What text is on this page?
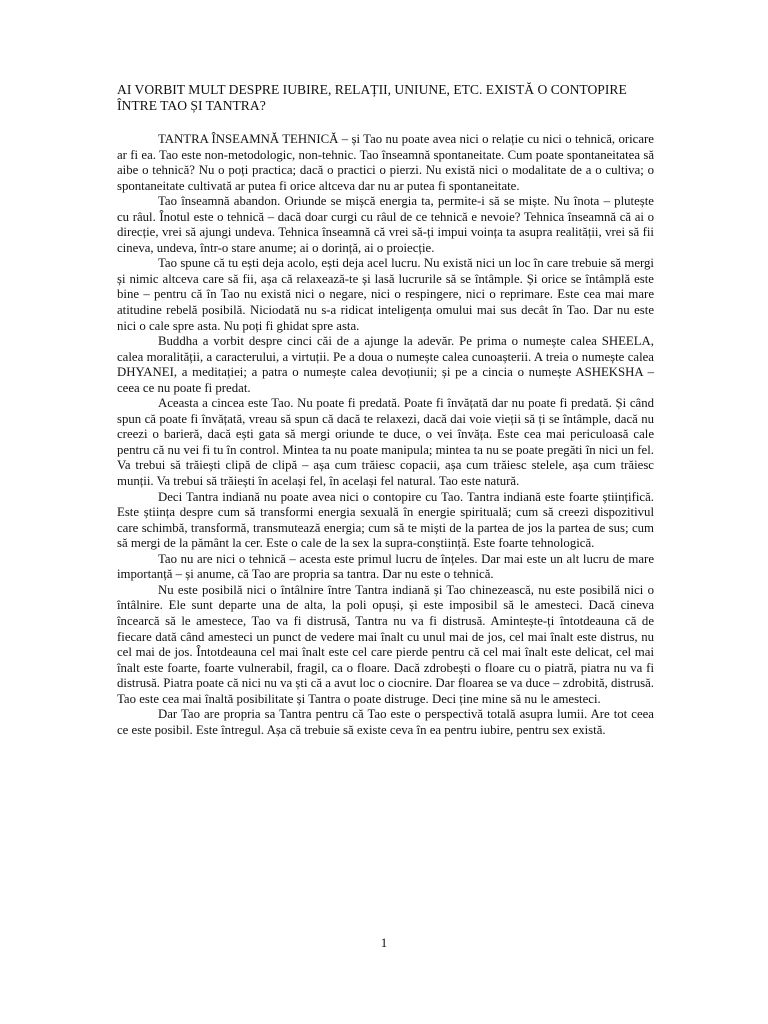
AI VORBIT MULT DESPRE IUBIRE, RELAȚII, UNIUNE, ETC. EXISTĂ O CONTOPIRE ÎNTRE TAO ȘI TANTRA?

TANTRA ÎNSEAMNĂ TEHNICĂ – și Tao nu poate avea nici o relație cu nici o tehnică, oricare ar fi ea. Tao este non-metodologic, non-tehnic. Tao înseamnă spontaneitate. Cum poate spontaneitatea să aibe o tehnică? Nu o poți practica; dacă o practici o pierzi. Nu există nici o modalitate de a o cultiva; o spontaneitate cultivată ar putea fi orice altceva dar nu ar putea fi spontaneitate.

Tao înseamnă abandon. Oriunde se mișcă energia ta, permite-i să se miște. Nu înota – plutește cu râul. Înotul este o tehnică – dacă doar curgi cu râul de ce tehnică e nevoie? Tehnica înseamnă că ai o direcție, vrei să ajungi undeva. Tehnica înseamnă că vrei să-ți impui voința ta asupra realității, vrei să fii cineva, undeva, într-o stare anume; ai o dorință, ai o proiecție.

Tao spune că tu ești deja acolo, ești deja acel lucru. Nu există nici un loc în care trebuie să mergi și nimic altceva care să fii, așa că relaxează-te și lasă lucrurile să se întâmple. Și orice se întâmplă este bine – pentru că în Tao nu există nici o negare, nici o respingere, nici o reprimare. Este cea mai mare atitudine rebelă posibilă. Niciodată nu s-a ridicat inteligența omului mai sus decât în Tao. Dar nu este nici o cale spre asta. Nu poți fi ghidat spre asta.

Buddha a vorbit despre cinci căi de a ajunge la adevăr. Pe prima o numește calea SHEELA, calea moralității, a caracterului, a virtuții. Pe a doua o numește calea cunoașterii. A treia o numește calea DHYANEI, a meditației; a patra o numește calea devoțiunii; și pe a cincia o numește ASHEKSHA – ceea ce nu poate fi predat.

Aceasta a cincea este Tao. Nu poate fi predată. Poate fi învățată dar nu poate fi predată. Și când spun că poate fi învățată, vreau să spun că dacă te relaxezi, dacă dai voie vieții să ți se întâmple, dacă nu creezi o barieră, dacă ești gata să mergi oriunde te duce, o vei învăța. Este cea mai periculoasă cale pentru că nu vei fi tu în control. Mintea ta nu poate manipula; mintea ta nu se poate pregăti în nici un fel. Va trebui să trăiești clipă de clipă – așa cum trăiesc copacii, așa cum trăiesc stelele, așa cum trăiesc munții. Va trebui să trăiești în același fel, în același fel natural. Tao este natură.

Deci Tantra indiană nu poate avea nici o contopire cu Tao. Tantra indiană este foarte științifică. Este știința despre cum să transformi energia sexuală în energie spirituală; cum să creezi dispozitivul care schimbă, transformă, transmutează energia; cum să te miști de la partea de jos la partea de sus; cum să mergi de la pământ la cer. Este o cale de la sex la supra-conștiință. Este foarte tehnologică.

Tao nu are nici o tehnică – acesta este primul lucru de înțeles. Dar mai este un alt lucru de mare importanță – și anume, că Tao are propria sa tantra. Dar nu este o tehnică.

Nu este posibilă nici o întâlnire între Tantra indiană și Tao chinezească, nu este posibilă nici o întâlnire. Ele sunt departe una de alta, la poli opuși, și este imposibil să le amesteci. Dacă cineva încearcă să le amestece, Tao va fi distrusă, Tantra nu va fi distrusă. Amintește-ți întotdeauna că de fiecare dată când amesteci un punct de vedere mai înalt cu unul mai de jos, cel mai înalt este distrus, nu cel mai de jos. Întotdeauna cel mai înalt este cel care pierde pentru că cel mai înalt este delicat, cel mai înalt este foarte, foarte vulnerabil, fragil, ca o floare. Dacă zdrobești o floare cu o piatră, piatra nu va fi distrusă. Piatra poate că nici nu va ști că a avut loc o ciocnire. Dar floarea se va duce – zdrobită, distrusă. Tao este cea mai înaltă posibilitate și Tantra o poate distruge. Deci ține mine să nu le amesteci.

Dar Tao are propria sa Tantra pentru că Tao este o perspectivă totală asupra lumii. Are tot ceea ce este posibil. Este întregul. Așa că trebuie să existe ceva în ea pentru iubire, pentru sex există.

1
